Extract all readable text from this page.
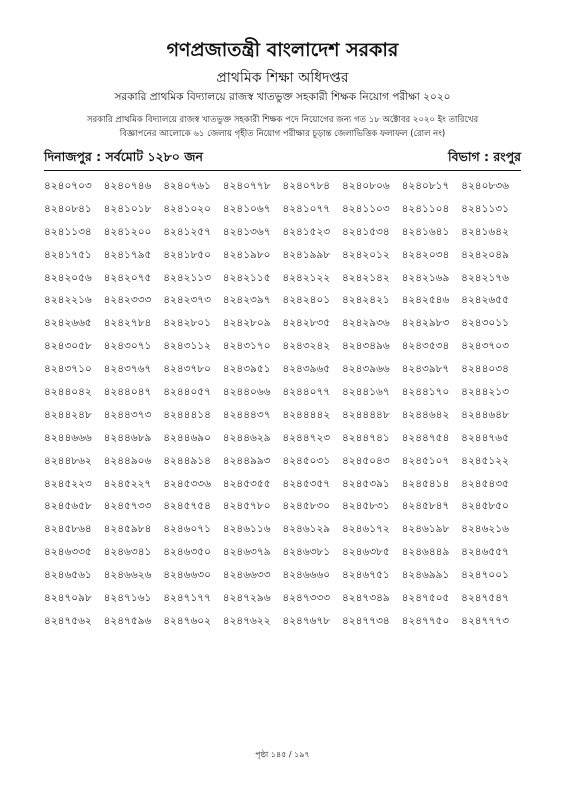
গণপ্রজাতন্ত্রী বাংলাদেশ সরকার
প্রাথমিক শিক্ষা অধিদপ্তর
সরকারি প্রাথমিক বিদ্যালয়ে রাজস্ব খাতভুক্ত সহকারী শিক্ষক নিয়োগ পরীক্ষা ২০২০
সরকারি প্রাথমিক বিদ্যালয়ে রাজস্ব খাতভুক্ত সহকারী শিক্ষক পদে নিয়োগের জন্য গত ১৮ অক্টোবর ২০২০ ইং তারিখের
বিজ্ঞাপনের আলোকে ৬১ জেলায় গৃহীত নিয়োগ পরীক্ষার চূড়ান্ত জেলাভিত্তিক ফলাফল (রোল নং)
দিনাজপুর : সর্বমোট ১২৮০ জন	বিভাগ : রংপুর
৪২৪০৭০৩	৪২৪০৭৪৬	৪২৪০৭৬১	৪২৪০৭৭৮	৪২৪০৭৮৪	৪২৪০৮০৬	৪২৪০৮১৭	৪২৪০৮৩৬
৪২৪০৮৪১	৪২৪১০১৮	৪২৪১০২০	৪২৪১০৬৭	৪২৪১০৭৭	৪২৪১১০৩	৪২৪১১০৪	৪২৪১১৩১
৪২৪১১৩৪	৪২৪১২০০	৪২৪১২৫৭	৪২৪১৩৬৭	৪২৪১৫২৩	৪২৪১৫৩৪	৪২৪১৬৪১	৪২৪১৬৪২
৪২৪১৭৫১	৪২৪১৭৯৫	৪২৪১৮৫০	৪২৪১৯৮০	৪২৪১৯৯৮	৪২৪২০১২	৪২৪২০৩৪	৪২৪২০৪৯
৪২৪২০৫৬	৪২৪২০৭৫	৪২৪২১১৩	৪২৪২১১৫	৪২৪২১২২	৪২৪২১৪২	৪২৪২১৬৯	৪২৪২১৭৬
৪২৪২২১৬	৪২৪২৩৩৩	৪২৪২৩৭৩	৪২৪২৩৯৭	৪২৪২৪০১	৪২৪২৪২১	৪২৪২৫৪৬	৪২৪২৬৫৫
৪২৪২৬৬৫	৪২৪২৭৮৪	৪২৪২৮০১	৪২৪২৮০৯	৪২৪২৮৩৫	৪২৪২৯৩৬	৪২৪২৯৮৩	৪২৪৩০১১
৪২৪৩০৫৮	৪২৪৩০৭১	৪২৪৩১১২	৪২৪৩১৭০	৪২৪৩২৪২	৪২৪৩৪৯৬	৪২৪৩৫৩৪	৪২৪৩৭০৩
৪২৪৩৭১০	৪২৪৩৭৬৭	৪২৪৩৭৮০	৪২৪৩৯৫১	৪২৪৩৯৬৫	৪২৪৩৯৬৬	৪২৪৩৯৮৭	৪২৪৪০৩৪
৪২৪৪০৪২	৪২৪৪০৪৭	৪২৪৪০৫৭	৪২৪৪০৬৬	৪২৪৪০৭৭	৪২৪৪১৬৭	৪২৪৪১৭০	৪২৪৪২১৩
৪২৪৪২৪৮	৪২৪৪৩৭৩	৪২৪৪৪১৪	৪২৪৪৪৩৭	৪২৪৪৪৪২	৪২৪৪৪৪৮	৪২৪৪৬৪২	৪২৪৪৬৪৮
৪২৪৪৬৬৬	৪২৪৪৬৮৯	৪২৪৪৬৯০	৪২৪৪৬২৯	৪২৪৪৭২৩	৪২৪৪৭৪১	৪২৪৪৭৫৪	৪২৪৪৭৬৫
৪২৪৪৮৬২	৪২৪৪৯০৬	৪২৪৪৯১৪	৪২৪৪৯৯৩	৪২৪৫০৩১	৪২৪৫০৪৩	৪২৪৫১০৭	৪২৪৫১২২
৪২৪৫২২৩	৪২৪৫২২৭	৪২৪৫৩৩৬	৪২৪৫৩৫৫	৪২৪৫৩৫৭	৪২৪৫৩৯১	৪২৪৫৪১৪	৪২৪৫৪৩৫
৪২৪৫৬৫৮	৪২৪৫৭৩৩	৪২৪৫৭৫৪	৪২৪৫৭৮০	৪২৪৫৮৩০	৪২৪৫৮৩১	৪২৪৫৮৪৭	৪২৪৫৮৫০
৪২৪৫৮৬৪	৪২৪৫৯৮৪	৪২৪৬০৭১	৪২৪৬১১৬	৪২৪৬১২৯	৪২৪৬১৭২	৪২৪৬১৯৮	৪২৪৬২১৬
৪২৪৬৩৩৫	৪২৪৬৩৪১	৪২৪৬৩৫০	৪২৪৬৩৭৯	৪২৪৬৩৮১	৪২৪৬৩৮৫	৪২৪৬৪৪৯	৪২৪৬৫৫৭
৪২৪৬৫৬১	৪২৪৬৬২৬	৪২৪৬৬৩০	৪২৪৬৬৩৩	৪২৪৬৬৬০	৪২৪৬৭৫১	৪২৪৬৯৯১	৪২৪৭০০১
৪২৪৭০৯৮	৪২৪৭১৬১	৪২৪৭১৭৭	৪২৪৭২৯৬	৪২৪৭৩৩৩	৪২৪৭৩৪৯	৪২৪৭৫০৫	৪২৪৭৫৪৭
৪২৪৭৫৬২	৪২৪৭৫৯৬	৪২৪৭৬০২	৪২৪৭৬২২	৪২৪৭৬৭৮	৪২৪৭৭৩৪	৪২৪৭৭৫০	৪২৪৭৭৭৩
পৃষ্ঠা ১৪৫ / ১৯৭
